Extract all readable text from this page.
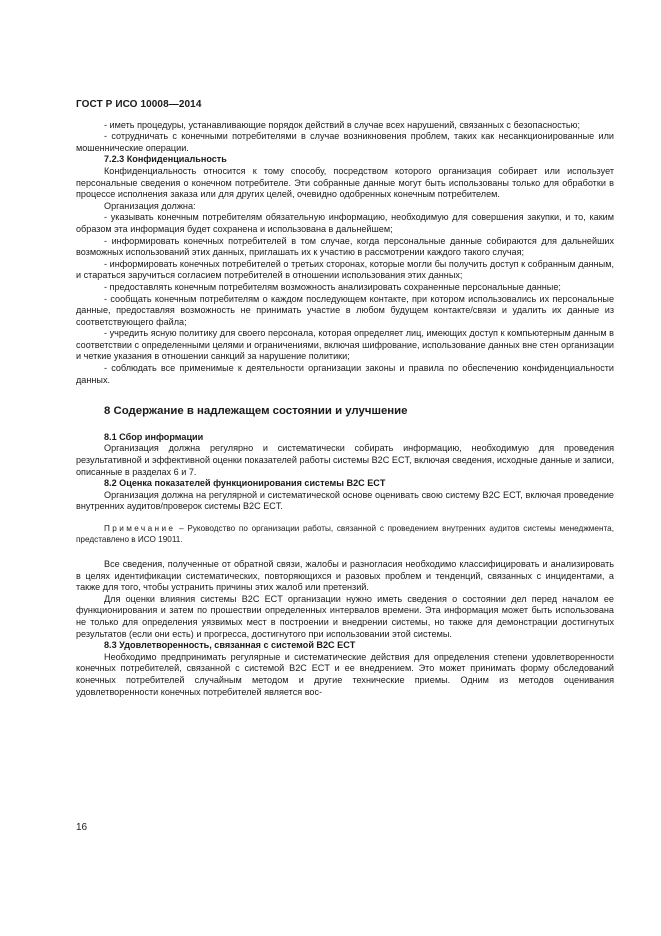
ГОСТ Р ИСО 10008—2014

- иметь процедуры, устанавливающие порядок действий в случае всех нарушений, связанных с безопасностью;

- сотрудничать с конечными потребителями в случае возникновения проблем, таких как несанкционированные или мошеннические операции.

7.2.3 Конфиденциальность

Конфиденциальность относится к тому способу, посредством которого организация собирает или использует персональные сведения о конечном потребителе. Эти собранные данные могут быть использованы только для обработки в процессе исполнения заказа или для других целей, очевидно одобренных конечным потребителем.

Организация должна:

- указывать конечным потребителям обязательную информацию, необходимую для совершения закупки, и то, каким образом эта информация будет сохранена и использована в дальнейшем;

- информировать конечных потребителей в том случае, когда персональные данные собираются для дальнейших возможных использований этих данных, приглашать их к участию в рассмотрении каждого такого случая;

- информировать конечных потребителей о третьих сторонах, которые могли бы получить доступ к собранным данным, и стараться заручиться согласием потребителей в отношении использования этих данных;

- предоставлять конечным потребителям возможность анализировать сохраненные персональные данные;

- сообщать конечным потребителям о каждом последующем контакте, при котором использовались их персональные данные, предоставляя возможность не принимать участие в любом будущем контакте/связи и удалить их данные из соответствующего файла;

- учредить ясную политику для своего персонала, которая определяет лиц, имеющих доступ к компьютерным данным в соответствии с определенными целями и ограничениями, включая шифрование, использование данных вне стен организации и четкие указания в отношении санкций за нарушение политики;

- соблюдать все применимые к деятельности организации законы и правила по обеспечению конфиденциальности данных.

8 Содержание в надлежащем состоянии и улучшение

8.1 Сбор информации

Организация должна регулярно и систематически собирать информацию, необходимую для проведения результативной и эффективной оценки показателей работы системы B2C ECT, включая сведения, исходные данные и записи, описанные в разделах 6 и 7.

8.2 Оценка показателей функционирования системы B2C ECT

Организация должна на регулярной и систематической основе оценивать свою систему B2C ECT, включая проведение внутренних аудитов/проверок системы B2C ECT.

Примечание – Руководство по организации работы, связанной с проведением внутренних аудитов системы менеджмента, представлено в ИСО 19011.

Все сведения, полученные от обратной связи, жалобы и разногласия необходимо классифицировать и анализировать в целях идентификации систематических, повторяющихся и разовых проблем и тенденций, связанных с инцидентами, а также для того, чтобы устранить причины этих жалоб или претензий.

Для оценки влияния системы B2C ECT организации нужно иметь сведения о состоянии дел перед началом ее функционирования и затем по прошествии определенных интервалов времени. Эта информация может быть использована не только для определения уязвимых мест в построении и внедрении системы, но также для демонстрации достигнутых результатов (если они есть) и прогресса, достигнутого при использовании этой системы.

8.3 Удовлетворенность, связанная с системой B2C ECT

Необходимо предпринимать регулярные и систематические действия для определения степени удовлетворенности конечных потребителей, связанной с системой B2C ECT и ее внедрением. Это может принимать форму обследований конечных потребителей случайным методом и другие технические приемы. Одним из методов оценивания удовлетворенности конечных потребителей является вос-

16
